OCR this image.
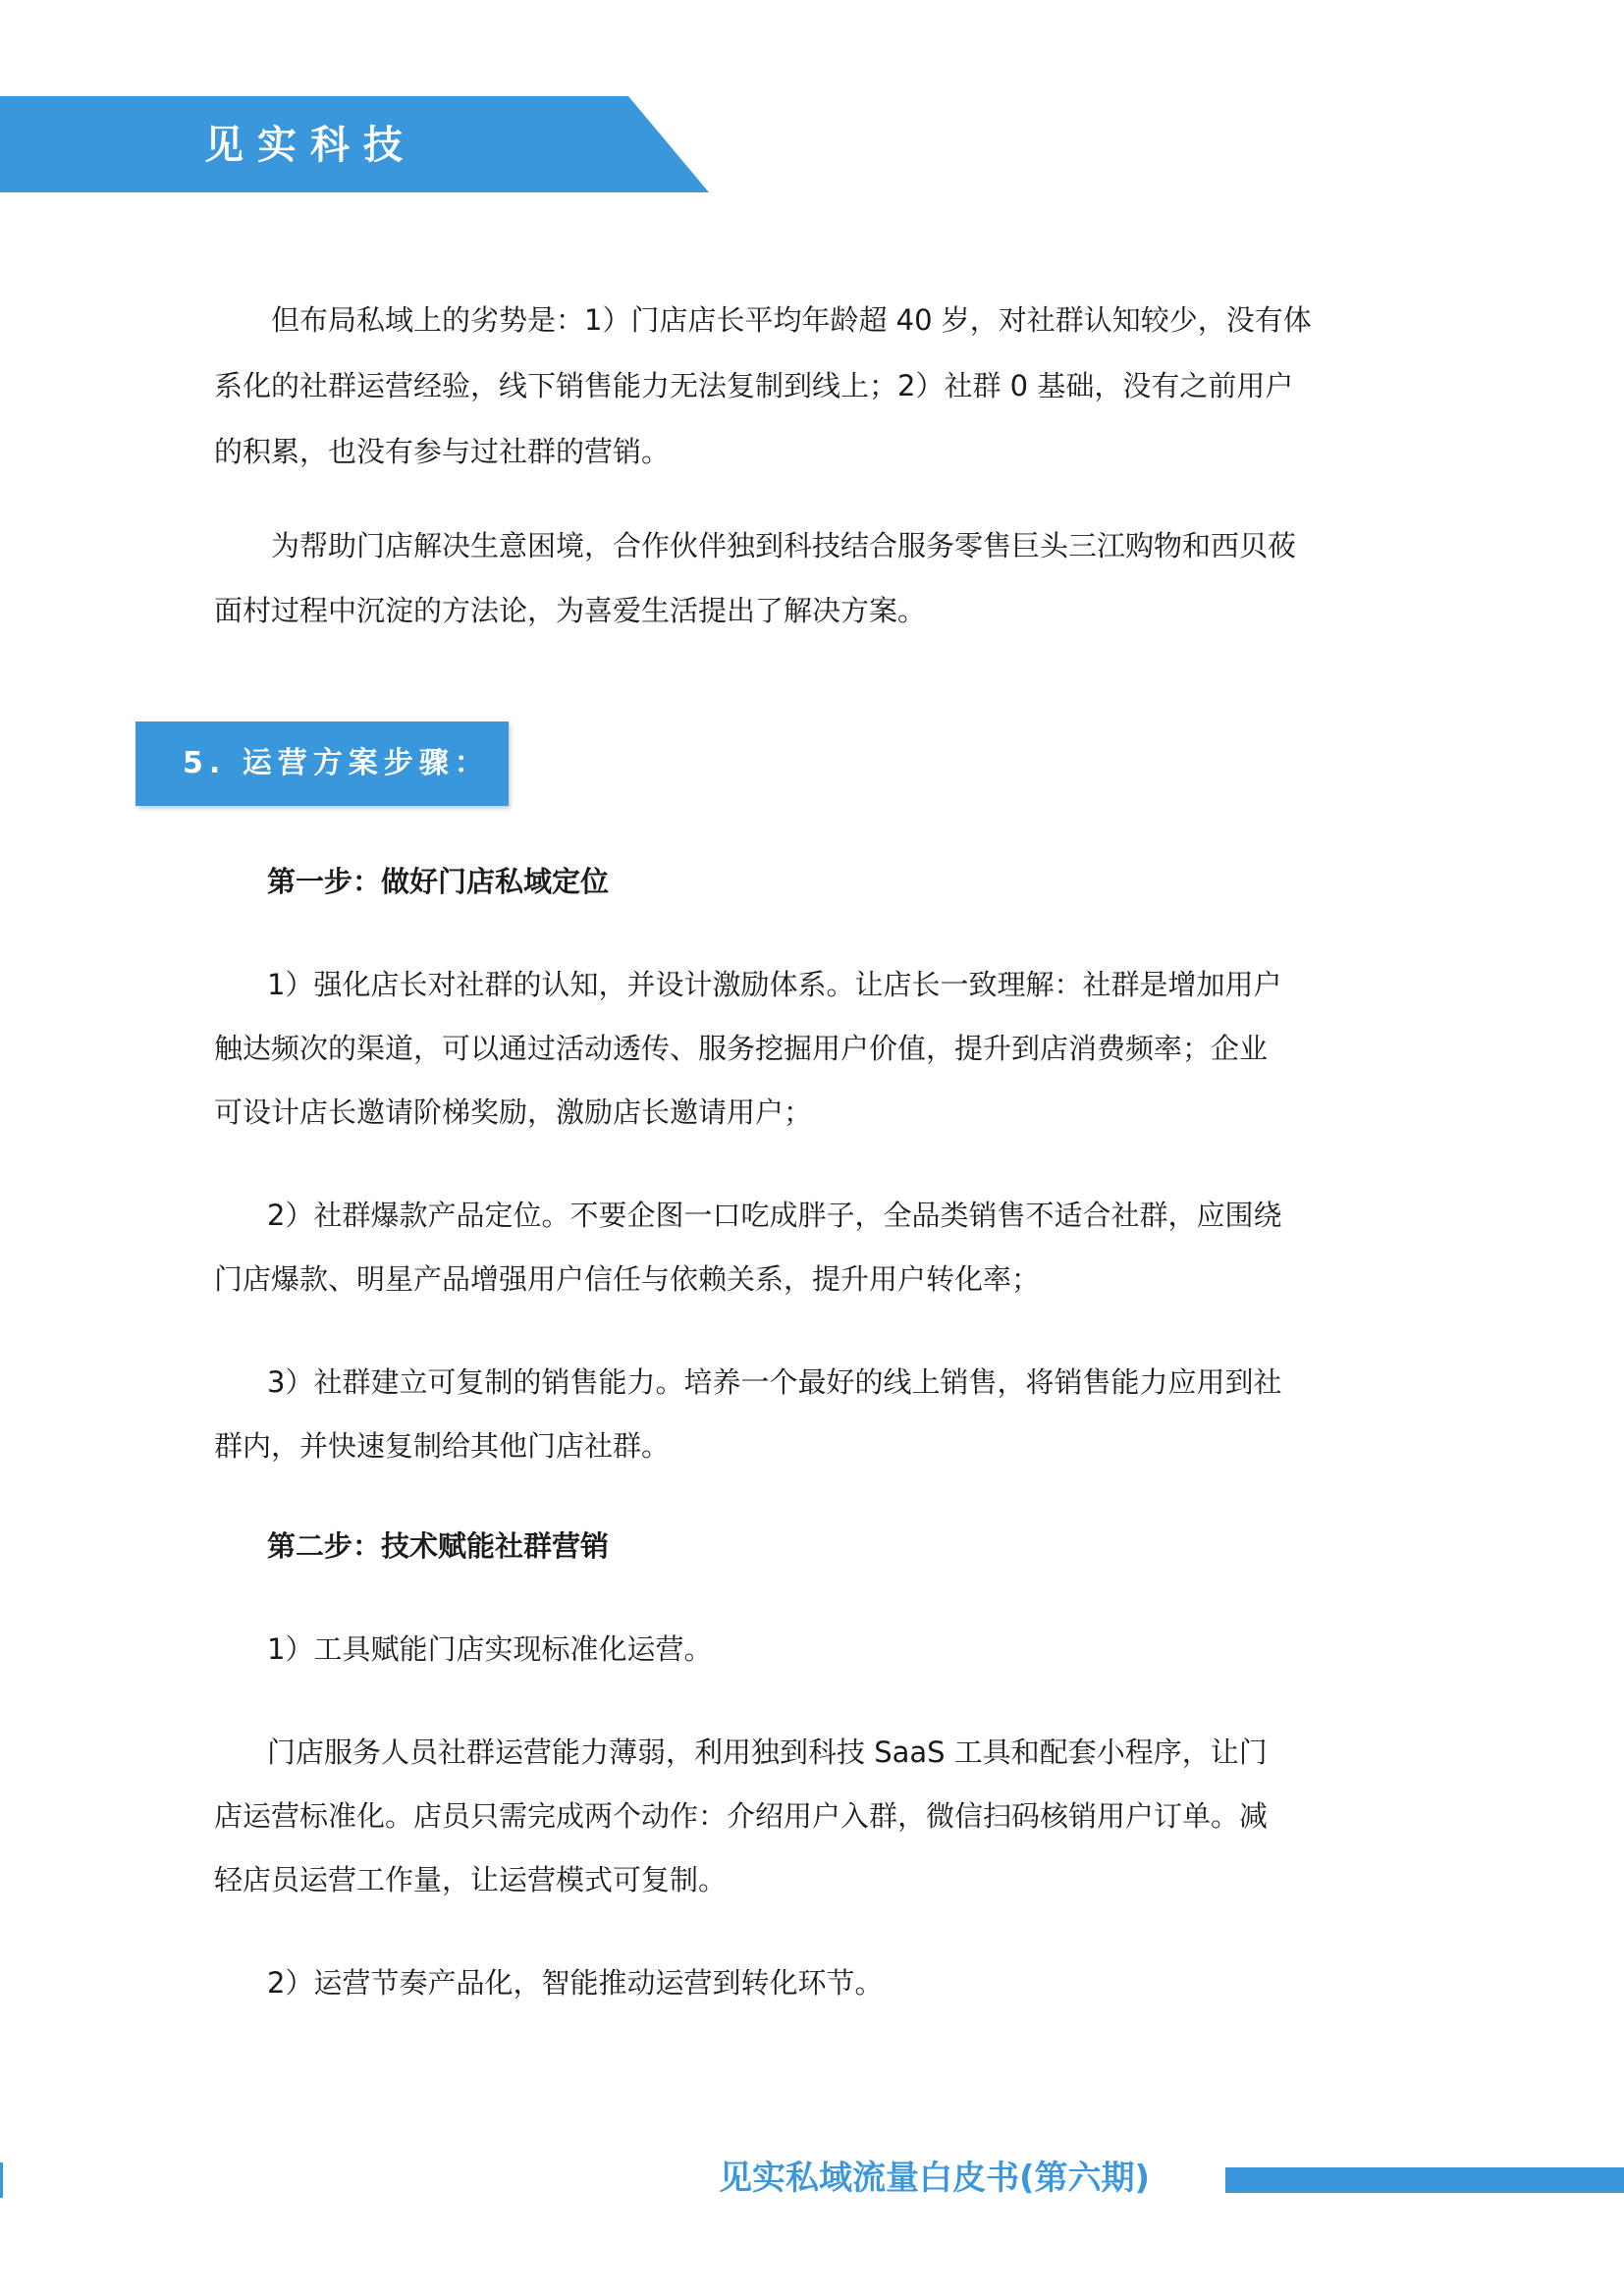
见实科技
但布局私域上的劣势是：1）门店店长平均年龄超 40 岁，对社群认知较少，没有体
系化的社群运营经验，线下销售能力无法复制到线上；2）社群 0 基础，没有之前用户
的积累，也没有参与过社群的营销。
为帮助门店解决生意困境，合作伙伴独到科技结合服务零售巨头三江购物和西贝莜
面村过程中沉淀的方法论，为喜爱生活提出了解决方案。
5. 运营方案步骤：
第一步：做好门店私域定位
1）强化店长对社群的认知，并设计激励体系。让店长一致理解：社群是增加用户
触达频次的渠道，可以通过活动透传、服务挖掘用户价值，提升到店消费频率；企业
可设计店长邀请阶梯奖励，激励店长邀请用户；
2）社群爆款产品定位。不要企图一口吃成胖子，全品类销售不适合社群，应围绕
门店爆款、明星产品增强用户信任与依赖关系，提升用户转化率；
3）社群建立可复制的销售能力。培养一个最好的线上销售，将销售能力应用到社
群内，并快速复制给其他门店社群。
第二步：技术赋能社群营销
1）工具赋能门店实现标准化运营。
门店服务人员社群运营能力薄弱，利用独到科技 SaaS 工具和配套小程序，让门
店运营标准化。店员只需完成两个动作：介绍用户入群，微信扫码核销用户订单。减
轻店员运营工作量，让运营模式可复制。
2）运营节奏产品化，智能推动运营到转化环节。
见实私域流量白皮书(第六期)
